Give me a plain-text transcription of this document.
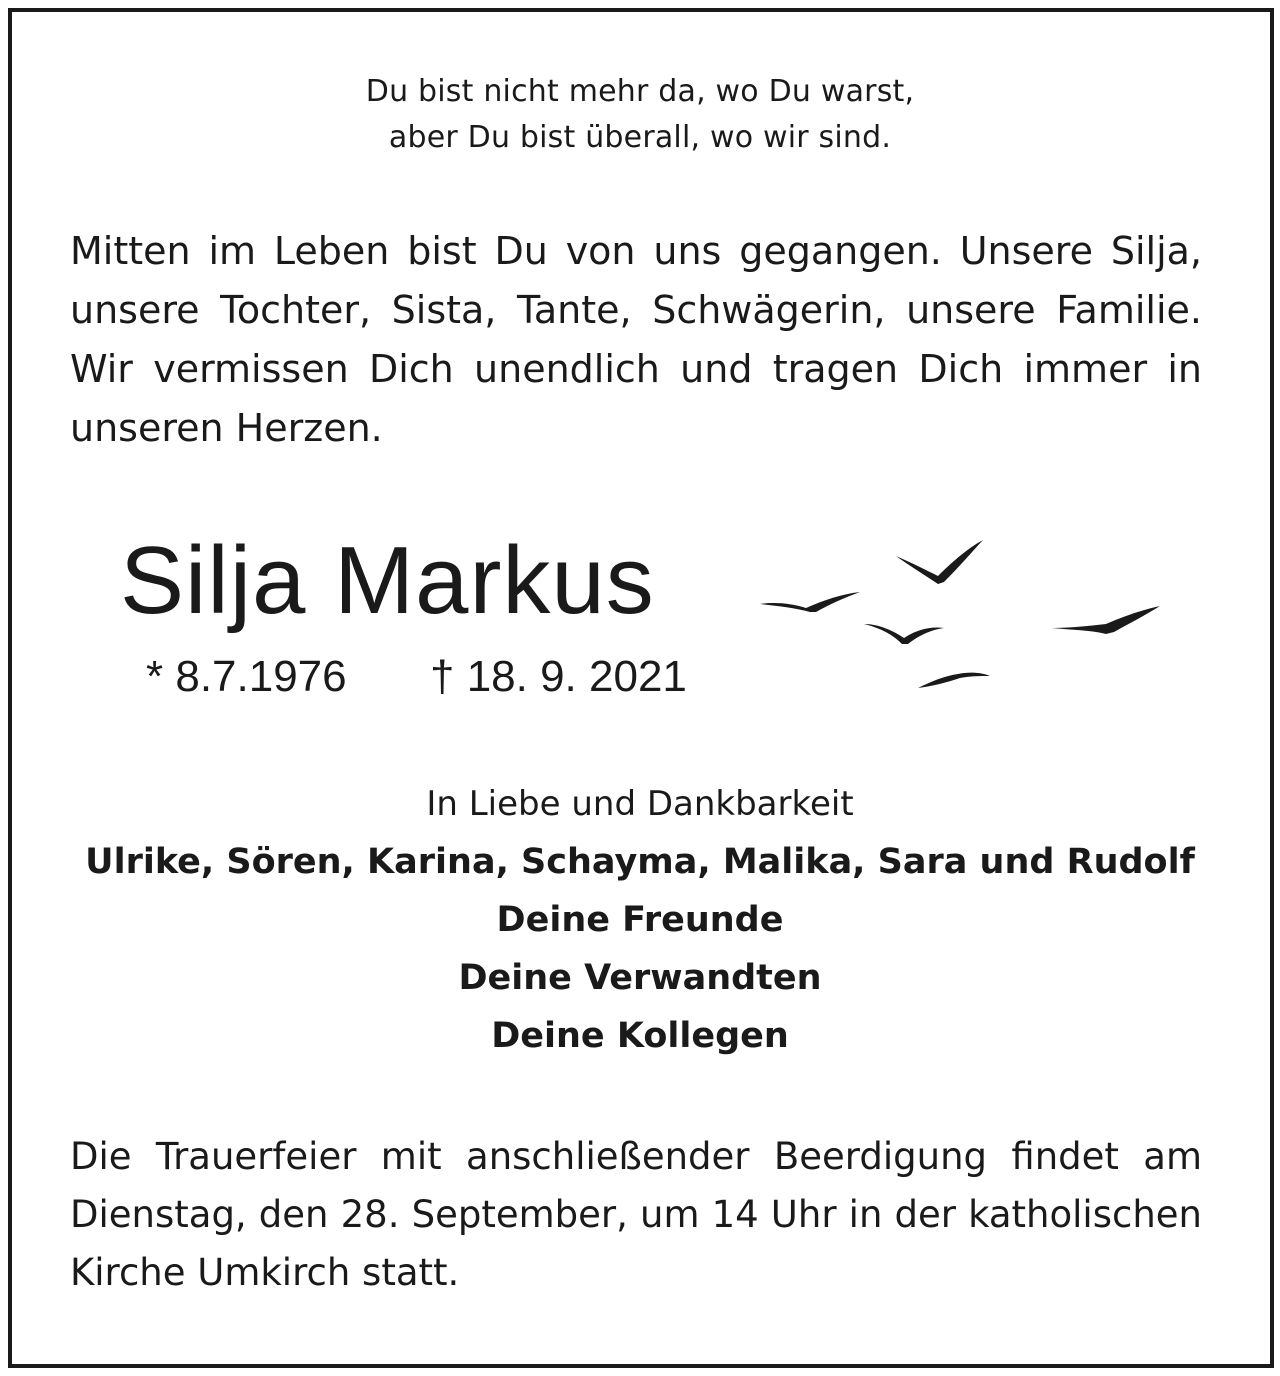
Du bist nicht mehr da, wo Du warst,
aber Du bist überall, wo wir sind.
Mitten im Leben bist Du von uns gegangen. Unsere Silja,
unsere Tochter, Sista, Tante, Schwägerin, unsere Familie.
Wir vermissen Dich unendlich und tragen Dich immer in
unseren Herzen.
Silja Markus
* 8.7.1976 † 18. 9. 2021
In Liebe und Dankbarkeit
Ulrike, Sören, Karina, Schayma, Malika, Sara und Rudolf
Deine Freunde
Deine Verwandten
Deine Kollegen
Die Trauerfeier mit anschließender Beerdigung findet am
Dienstag, den 28. September, um 14 Uhr in der katholischen
Kirche Umkirch statt.
